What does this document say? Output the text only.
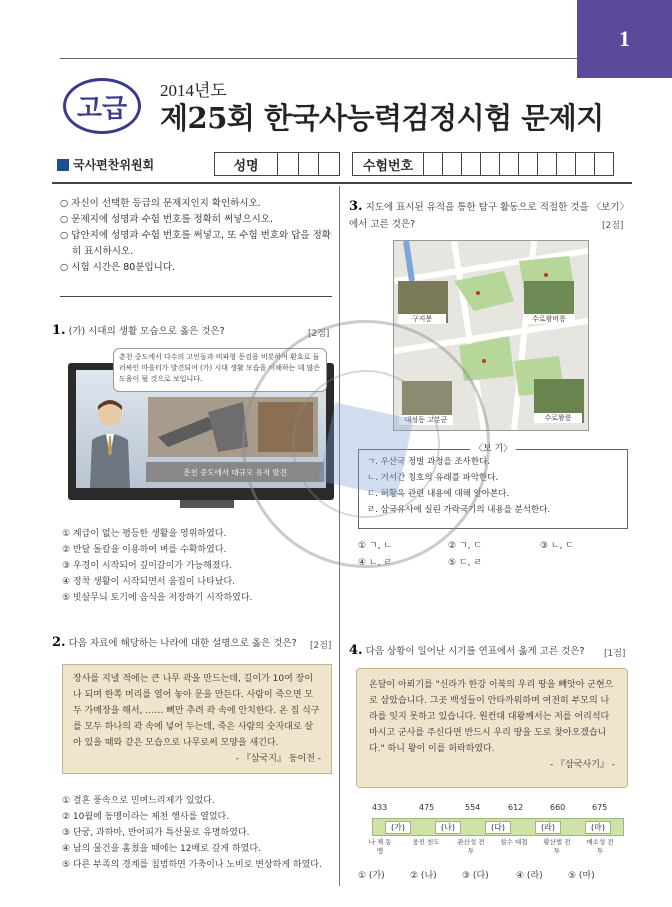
1
고급
2014년도
제25회 한국사능력검정시험 문제지
국사편찬위원회	성명	수험번호
○ 자신이 선택한 등급의 문제지인지 확인하시오.
○ 문제지에 성명과 수험 번호를 정확히 써넣으시오.
○ 답안지에 성명과 수험 번호를 써넣고, 또 수험 번호와 답을 정확히 표시하시오.
○ 시험 시간은 80분입니다.
1. (가) 시대의 생활 모습으로 옳은 것은?	[2점]
춘천 중도에서 다수의 고인돌과 비파형 동검을 비롯하여 환호로 둘러싸인 마을터가 발견되어 (가) 시대 생활 모습을 이해하는 데 많은 도움이 될 것으로 보입니다.
춘천 중도에서 대규모 유적 발견
① 계급이 없는 평등한 생활을 영위하였다.
② 반달 돌칼을 이용하여 벼를 수확하였다.
③ 우경이 시작되어 깊이갈이가 가능해졌다.
④ 정착 생활이 시작되면서 움집이 나타났다.
⑤ 빗살무늬 토기에 음식을 저장하기 시작하였다.
2. 다음 자료에 해당하는 나라에 대한 설명으로 옳은 것은?	[2점]
장사를 지낼 적에는 큰 나무 곽을 만드는데, 길이가 10여 장이나 되며 한쪽 머리를 열어 놓아 문을 만든다. 사람이 죽으면 모두 가매장을 해서, …… 뼈만 추려 곽 속에 안치한다. 온 집 식구를 모두 하나의 곽 속에 넣어 두는데, 죽은 사람의 숫자대로 살아 있을 때와 같은 모습으로 나무로써 모양을 새긴다.
- 『삼국지』 동이전 -
① 결혼 풍속으로 민며느리제가 있었다.
② 10월에 동맹이라는 제천 행사를 열었다.
③ 단궁, 과하마, 반어피가 특산물로 유명하였다.
④ 남의 물건을 훔쳤을 때에는 12배로 갚게 하였다.
⑤ 다른 부족의 경계를 침범하면 가축이나 노비로 변상하게 하였다.
3. 지도에 표시된 유적을 통한 탐구 활동으로 적절한 것을 〈보기〉에서 고른 것은?	[2점]
구지봉	수로왕비릉
대성동 고분군	수로왕릉
ㄱ. 우산국 정벌 과정을 조사한다.
ㄴ. 거서간 칭호의 유래를 파악한다.
ㄷ. 허황옥 관련 내용에 대해 알아본다.
ㄹ. 삼국유사에 실린 가락국기의 내용을 분석한다.
〈보 기〉
① ㄱ, ㄴ	② ㄱ, ㄷ	③ ㄴ, ㄷ
④ ㄴ, ㄹ	⑤ ㄷ, ㄹ
4. 다음 상황이 일어난 시기를 연표에서 옳게 고른 것은?	[1점]
온달이 아뢰기를 "신라가 한강 이북의 우리 땅을 빼앗아 군현으로 삼았습니다. 그곳 백성들이 안타까워하며 여전히 부모의 나라를 잊지 못하고 있습니다. 원컨대 대왕께서는 저를 어리석다 마시고 군사를 주신다면 반드시 우리 땅을 도로 찾아오겠습니다." 하니 왕이 이를 허락하였다.
- 『삼국사기』 -
433	475	554	612	660	675
(가)	(나)	(다)	(라)	(마)
나·제 동맹
웅진 천도	관산성 전투
살수 대첩 황산벌 전투
매소성 전투
① (가)	② (나)	③ (다)	④ (라)	⑤ (마)
